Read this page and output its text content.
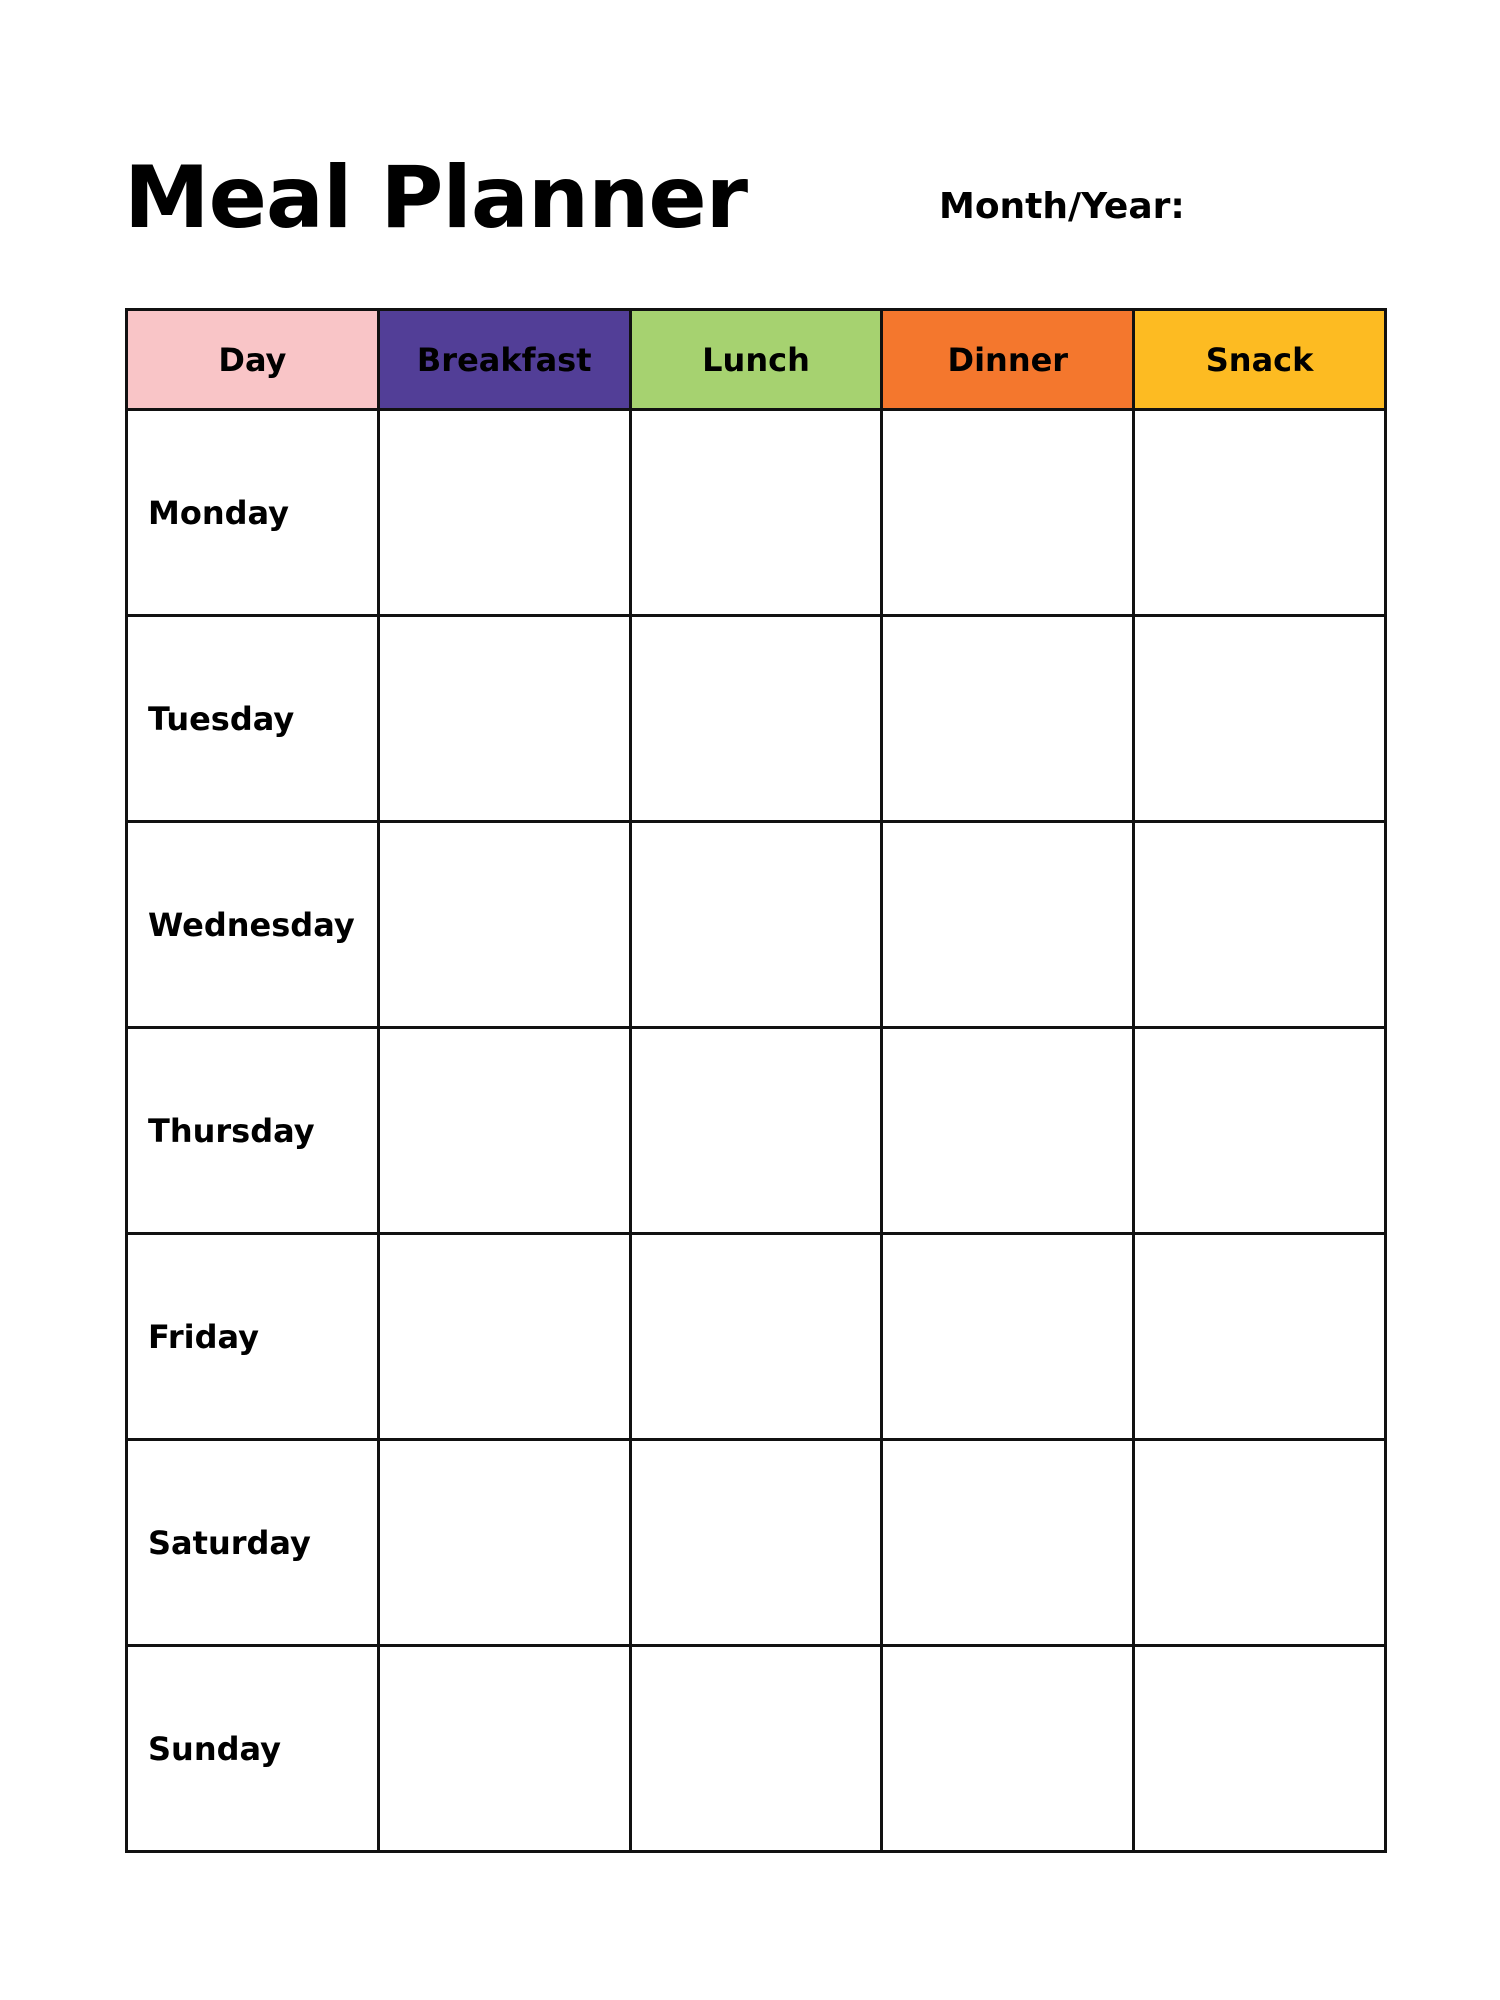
Meal Planner	Month/Year:
Day	Breakfast	Lunch	Dinner	Snack
Monday				
Tuesday				
Wednesday				
Thursday				
Friday				
Saturday				
Sunday				
